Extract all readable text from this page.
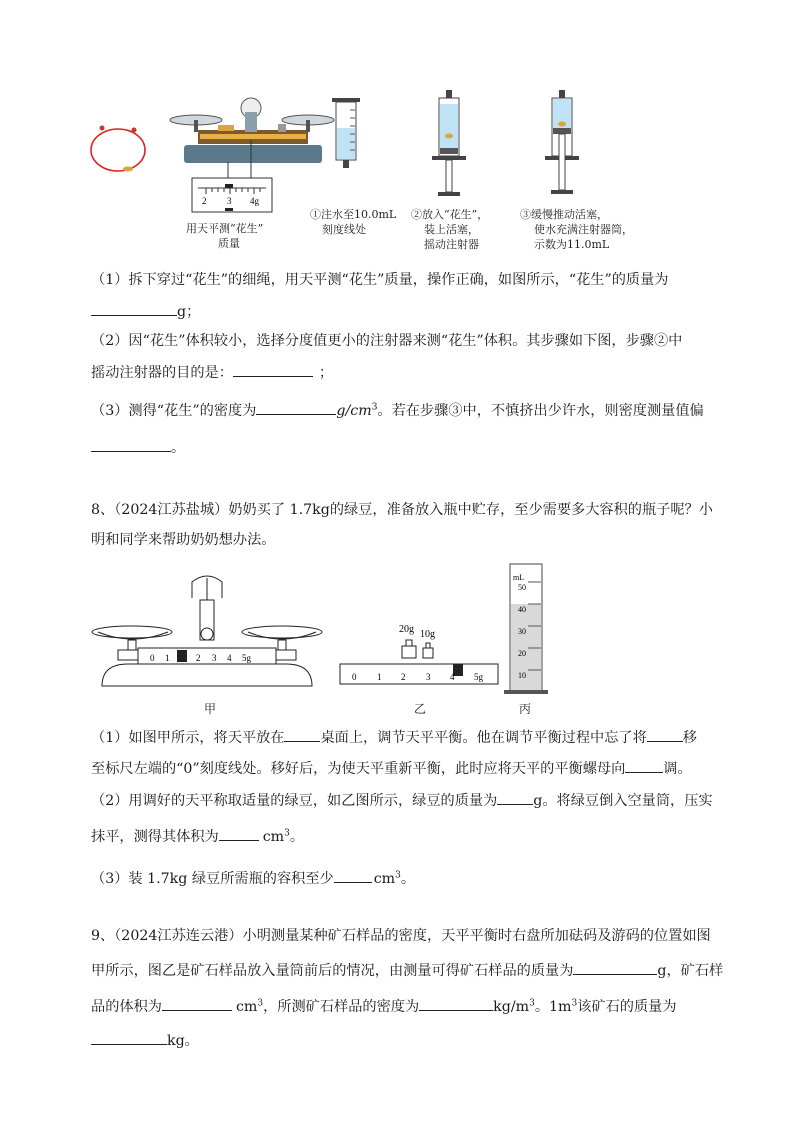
2 3 4g
用天平测“花生”
质量
①注水至10.0mL
刻度线处
②放入“花生”，
装上活塞，
摇动注射器
③缓慢推动活塞，
使水充满注射器筒，
示数为11.0mL
（1）拆下穿过“花生”的细绳，用天平测“花生”质量，操作正确，如图所示，“花生”的质量为
g；
（2）因“花生”体积较小，选择分度值更小的注射器来测“花生”体积。其步骤如下图，步骤②中
摇动注射器的目的是：	；
（3）测得“花生”的密度为	$g/cm^3$。若在步骤③中，不慎挤出少许水，则密度测量值偏
。
8、（2024江苏盐城）奶奶买了 1.7kg的绿豆，准备放入瓶中贮存，至少需要多大容积的瓶子呢？小
明和同学来帮助奶奶想办法。
0 1	2 3 4 5g
20g 10g
0 1 2 3 4 5g
mL
50
40
30
20
10
甲	乙	丙
（1）如图甲所示，将天平放在	桌面上，调节天平平衡。他在调节平衡过程中忘了将	移
至标尺左端的“0”刻度线处。移好后，为使天平重新平衡，此时应将天平的平衡螺母向	调。
（2）用调好的天平称取适量的绿豆，如乙图所示，绿豆的质量为	g。将绿豆倒入空量筒，压实
抹平，测得其体积为	$cm^3$。
（3）装 1.7kg 绿豆所需瓶的容积至少	$cm^3$。
9、（2024江苏连云港）小明测量某种矿石样品的密度，天平平衡时右盘所加砝码及游码的位置如图
甲所示，图乙是矿石样品放入量筒前后的情况，由测量可得矿石样品的质量为	g，矿石样
品的体积为	$cm^3$，所测矿石样品的密度为	$kg/m^3$。$1m^3$该矿石的质量为
kg。
